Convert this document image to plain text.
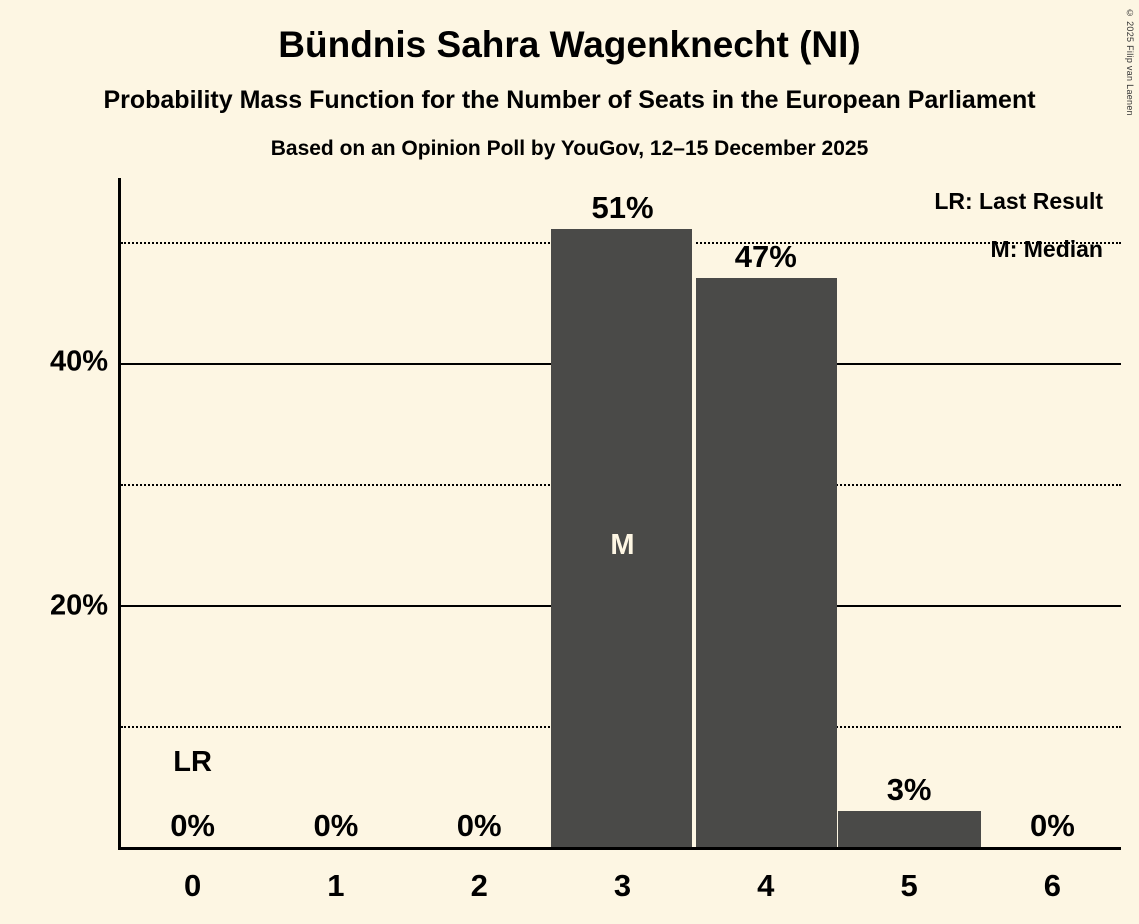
Bündnis Sahra Wagenknecht (NI)
Probability Mass Function for the Number of Seats in the European Parliament
Based on an Opinion Poll by YouGov, 12–15 December 2025
© 2025 Filip van Laenen
20%
40%
51%
47%
3%
0%	0%	0%	0%
M
LR
LR: Last Result
M: Median
0	1	2	3	4	5	6
